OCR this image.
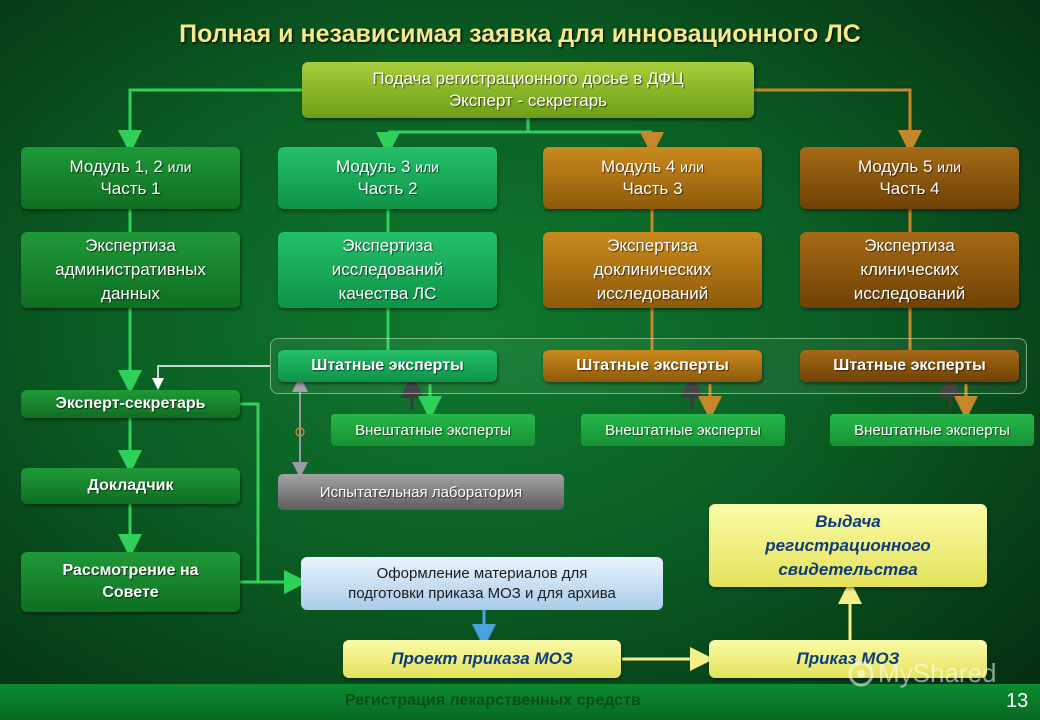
Полная и независимая заявка для инновационного ЛС
Подача регистрационного досье в ДФЦ
Эксперт - секретарь
Модуль 1, 2 или
Часть 1
Модуль 3 или
Часть 2
Модуль 4 или
Часть 3
Модуль 5 или
Часть 4
Экспертиза
административных
данных
Экспертиза
исследований
качества ЛС
Экспертиза
доклинических
исследований
Экспертиза
клинических
исследований
Штатные эксперты	Штатные эксперты	Штатные эксперты
Внештатные эксперты	Внештатные эксперты	Внештатные эксперты
Эксперт-секретарь
Докладчик
Рассмотрение на
Совете
Испытательная лаборатория
Оформление материалов для
подготовки приказа МОЗ и для архива
Выдача
регистрационного
свидетельства
Проект приказа МОЗ	Приказ МОЗ
Регистрация лекарственных средств	13
MyShared
